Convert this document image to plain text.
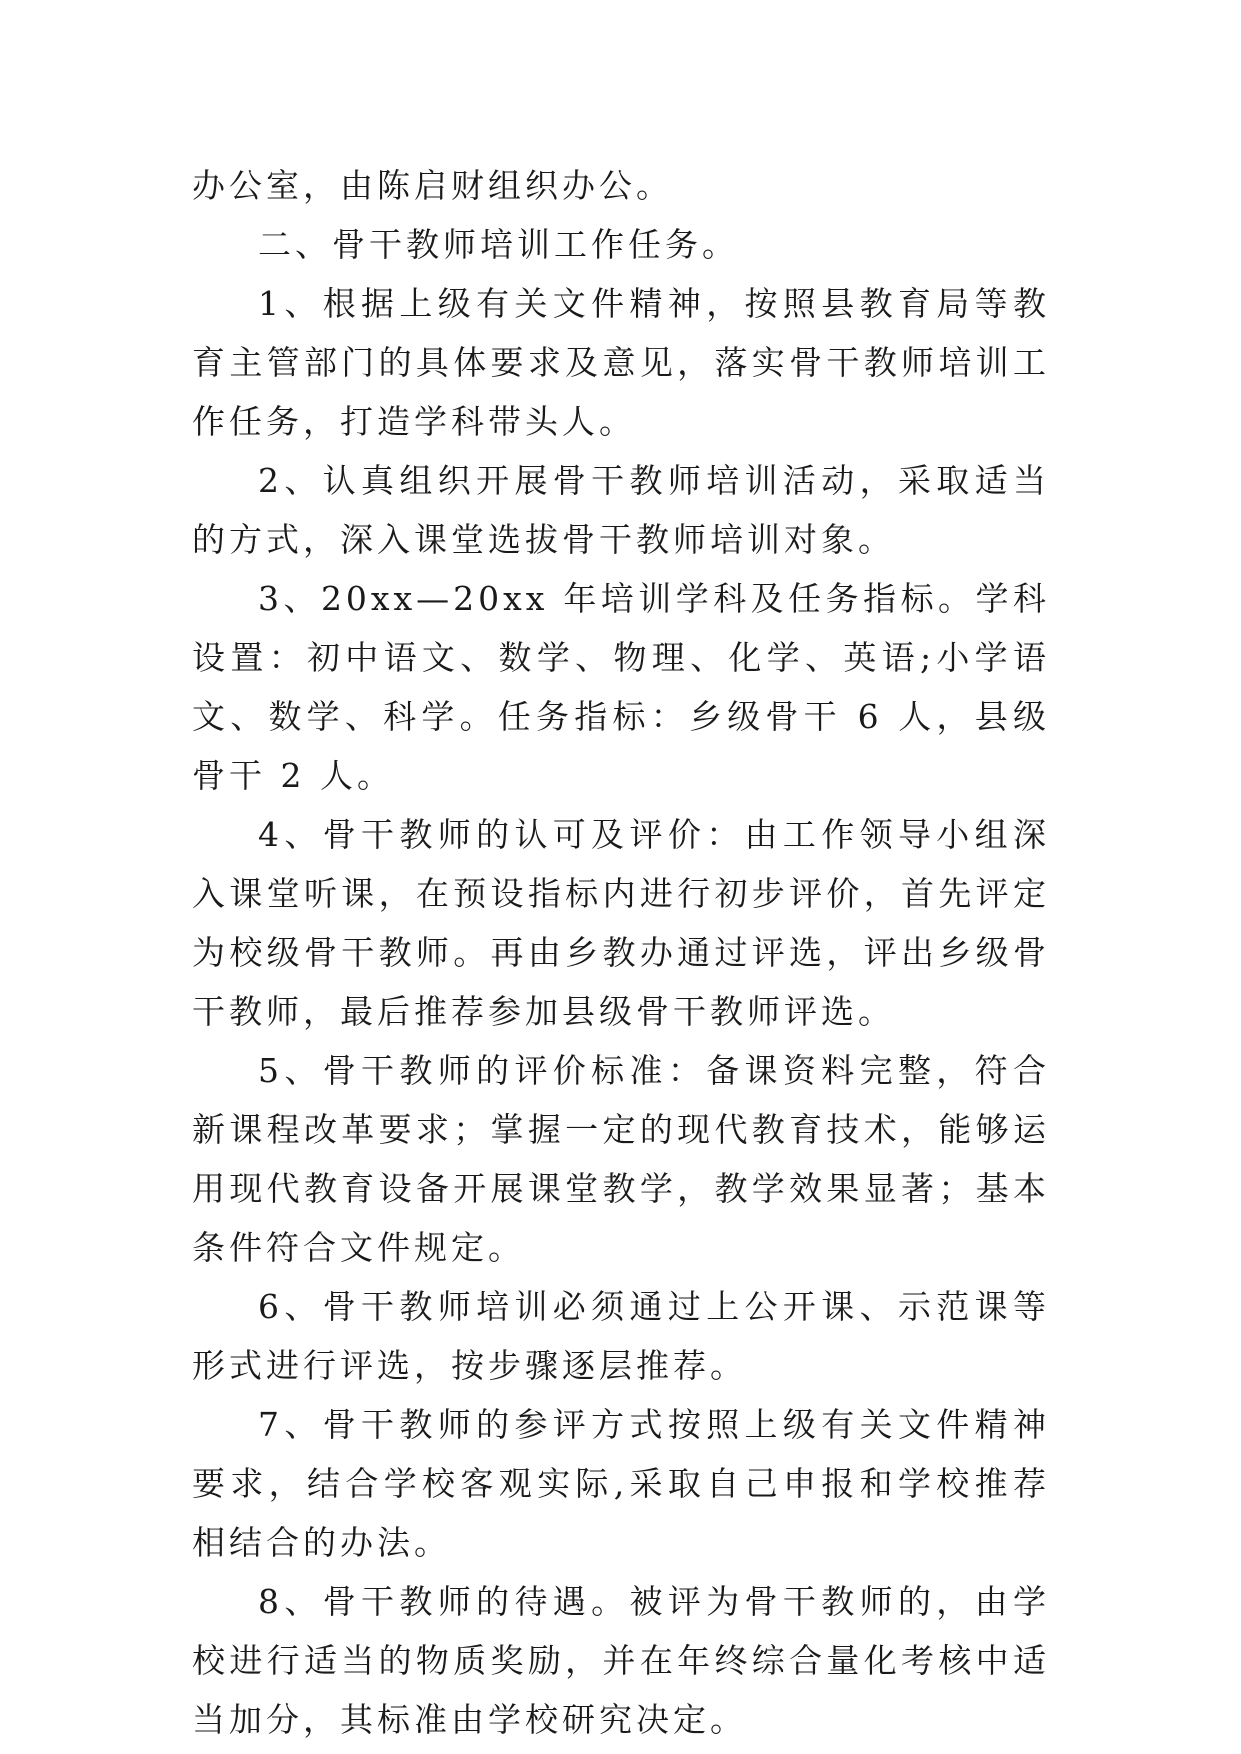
办公室，由陈启财组织办公。

二、骨干教师培训工作任务。

1、根据上级有关文件精神，按照县教育局等教育主管部门的具体要求及意见，落实骨干教师培训工作任务，打造学科带头人。

2、认真组织开展骨干教师培训活动，采取适当的方式，深入课堂选拔骨干教师培训对象。

3、20xx—20xx 年培训学科及任务指标。学科设置：初中语文、数学、物理、化学、英语;小学语文、数学、科学。任务指标：乡级骨干 6 人，县级骨干 2 人。

4、骨干教师的认可及评价：由工作领导小组深入课堂听课，在预设指标内进行初步评价，首先评定为校级骨干教师。再由乡教办通过评选，评出乡级骨干教师，最后推荐参加县级骨干教师评选。

5、骨干教师的评价标准：备课资料完整，符合新课程改革要求；掌握一定的现代教育技术，能够运用现代教育设备开展课堂教学，教学效果显著；基本条件符合文件规定。

6、骨干教师培训必须通过上公开课、示范课等形式进行评选，按步骤逐层推荐。

7、骨干教师的参评方式按照上级有关文件精神要求，结合学校客观实际,采取自己申报和学校推荐相结合的办法。

8、骨干教师的待遇。被评为骨干教师的，由学校进行适当的物质奖励，并在年终综合量化考核中适当加分，其标准由学校研究决定。
